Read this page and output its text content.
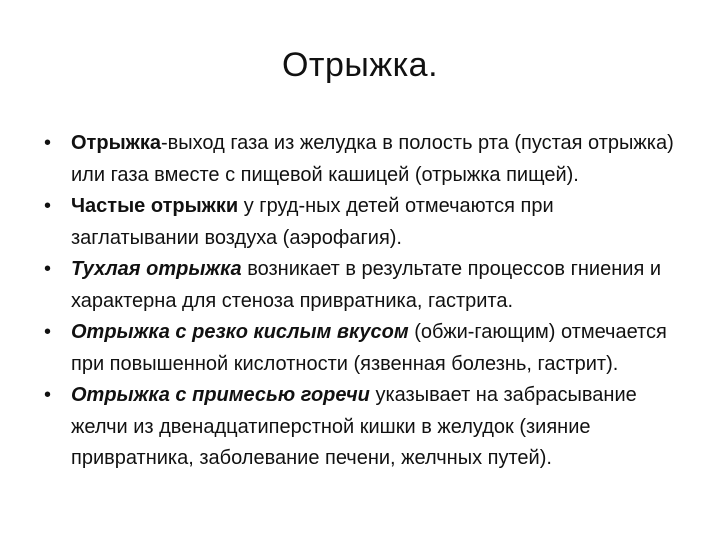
Отрыжка.
• Отрыжка-выход газа из желудка в полость рта (пустая отрыжка) или газа вместе с пищевой кашицей (отрыжка пищей).
• Частые отрыжки у груд-ных детей отмечаются при заглатывании воздуха (аэрофагия).
• Тухлая отрыжка возникает в результате процессов гниения и характерна для стеноза привратника, гастрита.
• Отрыжка с резко кислым вкусом (обжи-гающим) отмечается при повышенной кислотности (язвенная болезнь, гастрит).
• Отрыжка с примесью горечи указывает на забрасывание желчи из двенадцатиперстной кишки в желудок (зияние привратника, заболевание печени, желчных путей).
